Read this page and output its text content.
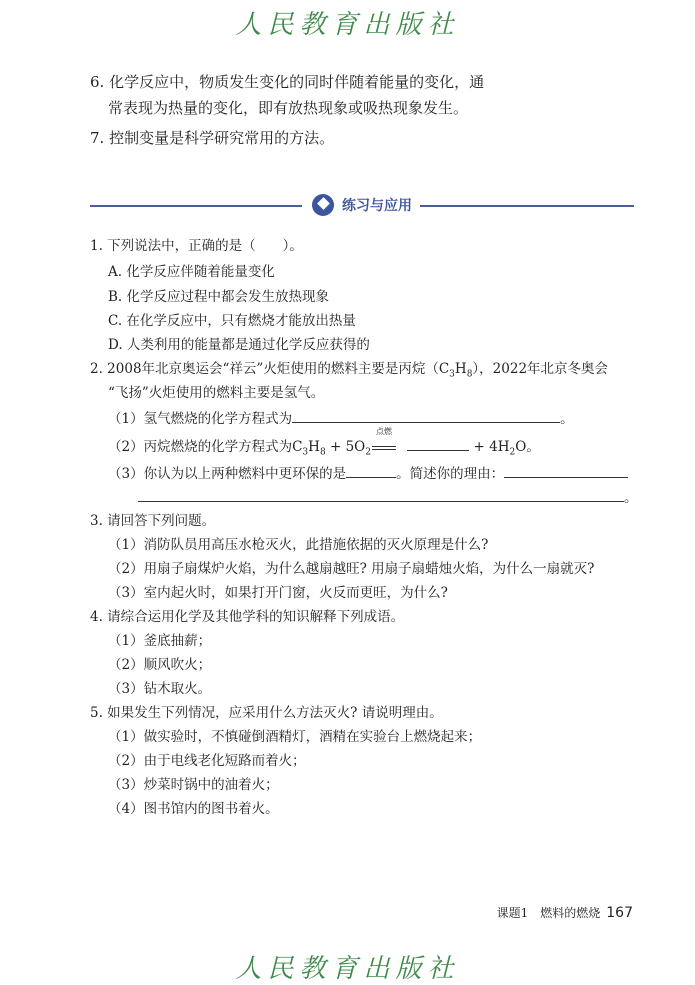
人民教育出版社
6. 化学反应中，物质发生变化的同时伴随着能量的变化，通
常表现为热量的变化，即有放热现象或吸热现象发生。
7. 控制变量是科学研究常用的方法。
练习与应用
1. 下列说法中，正确的是（　　）。
A. 化学反应伴随着能量变化
B. 化学反应过程中都会发生放热现象
C. 在化学反应中，只有燃烧才能放出热量
D. 人类利用的能量都是通过化学反应获得的
2. 2008年北京奥运会“祥云”火炬使用的燃料主要是丙烷$(C_3H_8)$，2022年北京冬奥会
“飞扬”火炬使用的燃料主要是氢气。
（1）氢气燃烧的化学方程式为	。
（2）丙烷燃烧的化学方程式为$C_3H_8 + 5O_2$
点燃
+ $4H_2O$。
（3）你认为以上两种燃料中更环保的是	。简述你的理由：
。
3. 请回答下列问题。
（1）消防队员用高压水枪灭火，此措施依据的灭火原理是什么?
（2）用扇子扇煤炉火焰，为什么越扇越旺? 用扇子扇蜡烛火焰，为什么一扇就灭?
（3）室内起火时，如果打开门窗，火反而更旺，为什么?
4. 请综合运用化学及其他学科的知识解释下列成语。
（1）釜底抽薪；
（2）顺风吹火；
（3）钻木取火。
5. 如果发生下列情况，应采用什么方法灭火? 请说明理由。
（1）做实验时，不慎碰倒酒精灯，酒精在实验台上燃烧起来；
（2）由于电线老化短路而着火；
（3）炒菜时锅中的油着火；
（4）图书馆内的图书着火。
课题1　燃料的燃烧 167
人民教育出版社
